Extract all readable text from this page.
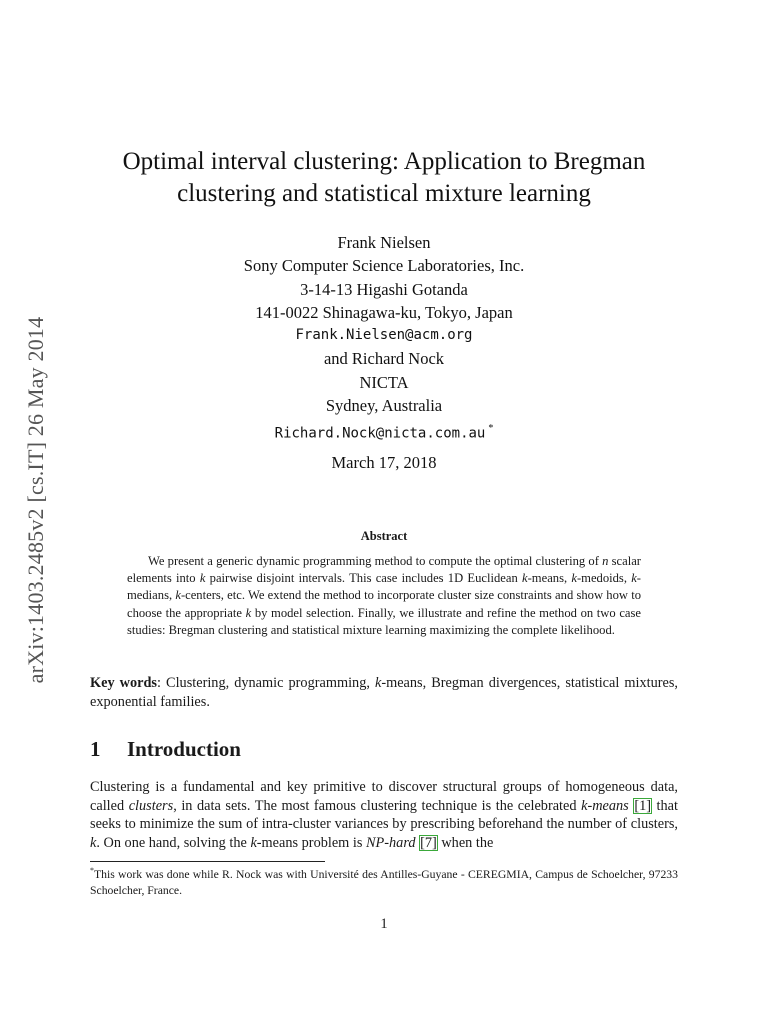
arXiv:1403.2485v2 [cs.IT] 26 May 2014
Optimal interval clustering: Application to Bregman
clustering and statistical mixture learning
Frank Nielsen
Sony Computer Science Laboratories, Inc.
3-14-13 Higashi Gotanda
141-0022 Shinagawa-ku, Tokyo, Japan
Frank.Nielsen@acm.org
and Richard Nock
NICTA
Sydney, Australia
Richard.Nock@nicta.com.au *
March 17, 2018
Abstract
We present a generic dynamic programming method to compute the optimal clustering of n scalar elements into k pairwise disjoint intervals. This case includes 1D Euclidean k-means, k-medoids, k-medians, k-centers, etc. We extend the method to incorporate cluster size constraints and show how to choose the appropriate k by model selection. Finally, we illustrate and refine the method on two case studies: Bregman clustering and statistical mixture learning maximizing the complete likelihood.
Key words: Clustering, dynamic programming, k-means, Bregman divergences, statistical mixtures, exponential families.
1 Introduction
Clustering is a fundamental and key primitive to discover structural groups of homogeneous data, called clusters, in data sets. The most famous clustering technique is the celebrated k-means [1] that seeks to minimize the sum of intra-cluster variances by prescribing beforehand the number of clusters, k. On one hand, solving the k-means problem is NP-hard [7] when the
*This work was done while R. Nock was with Université des Antilles-Guyane - CEREGMIA, Campus de Schoelcher, 97233 Schoelcher, France.
1
